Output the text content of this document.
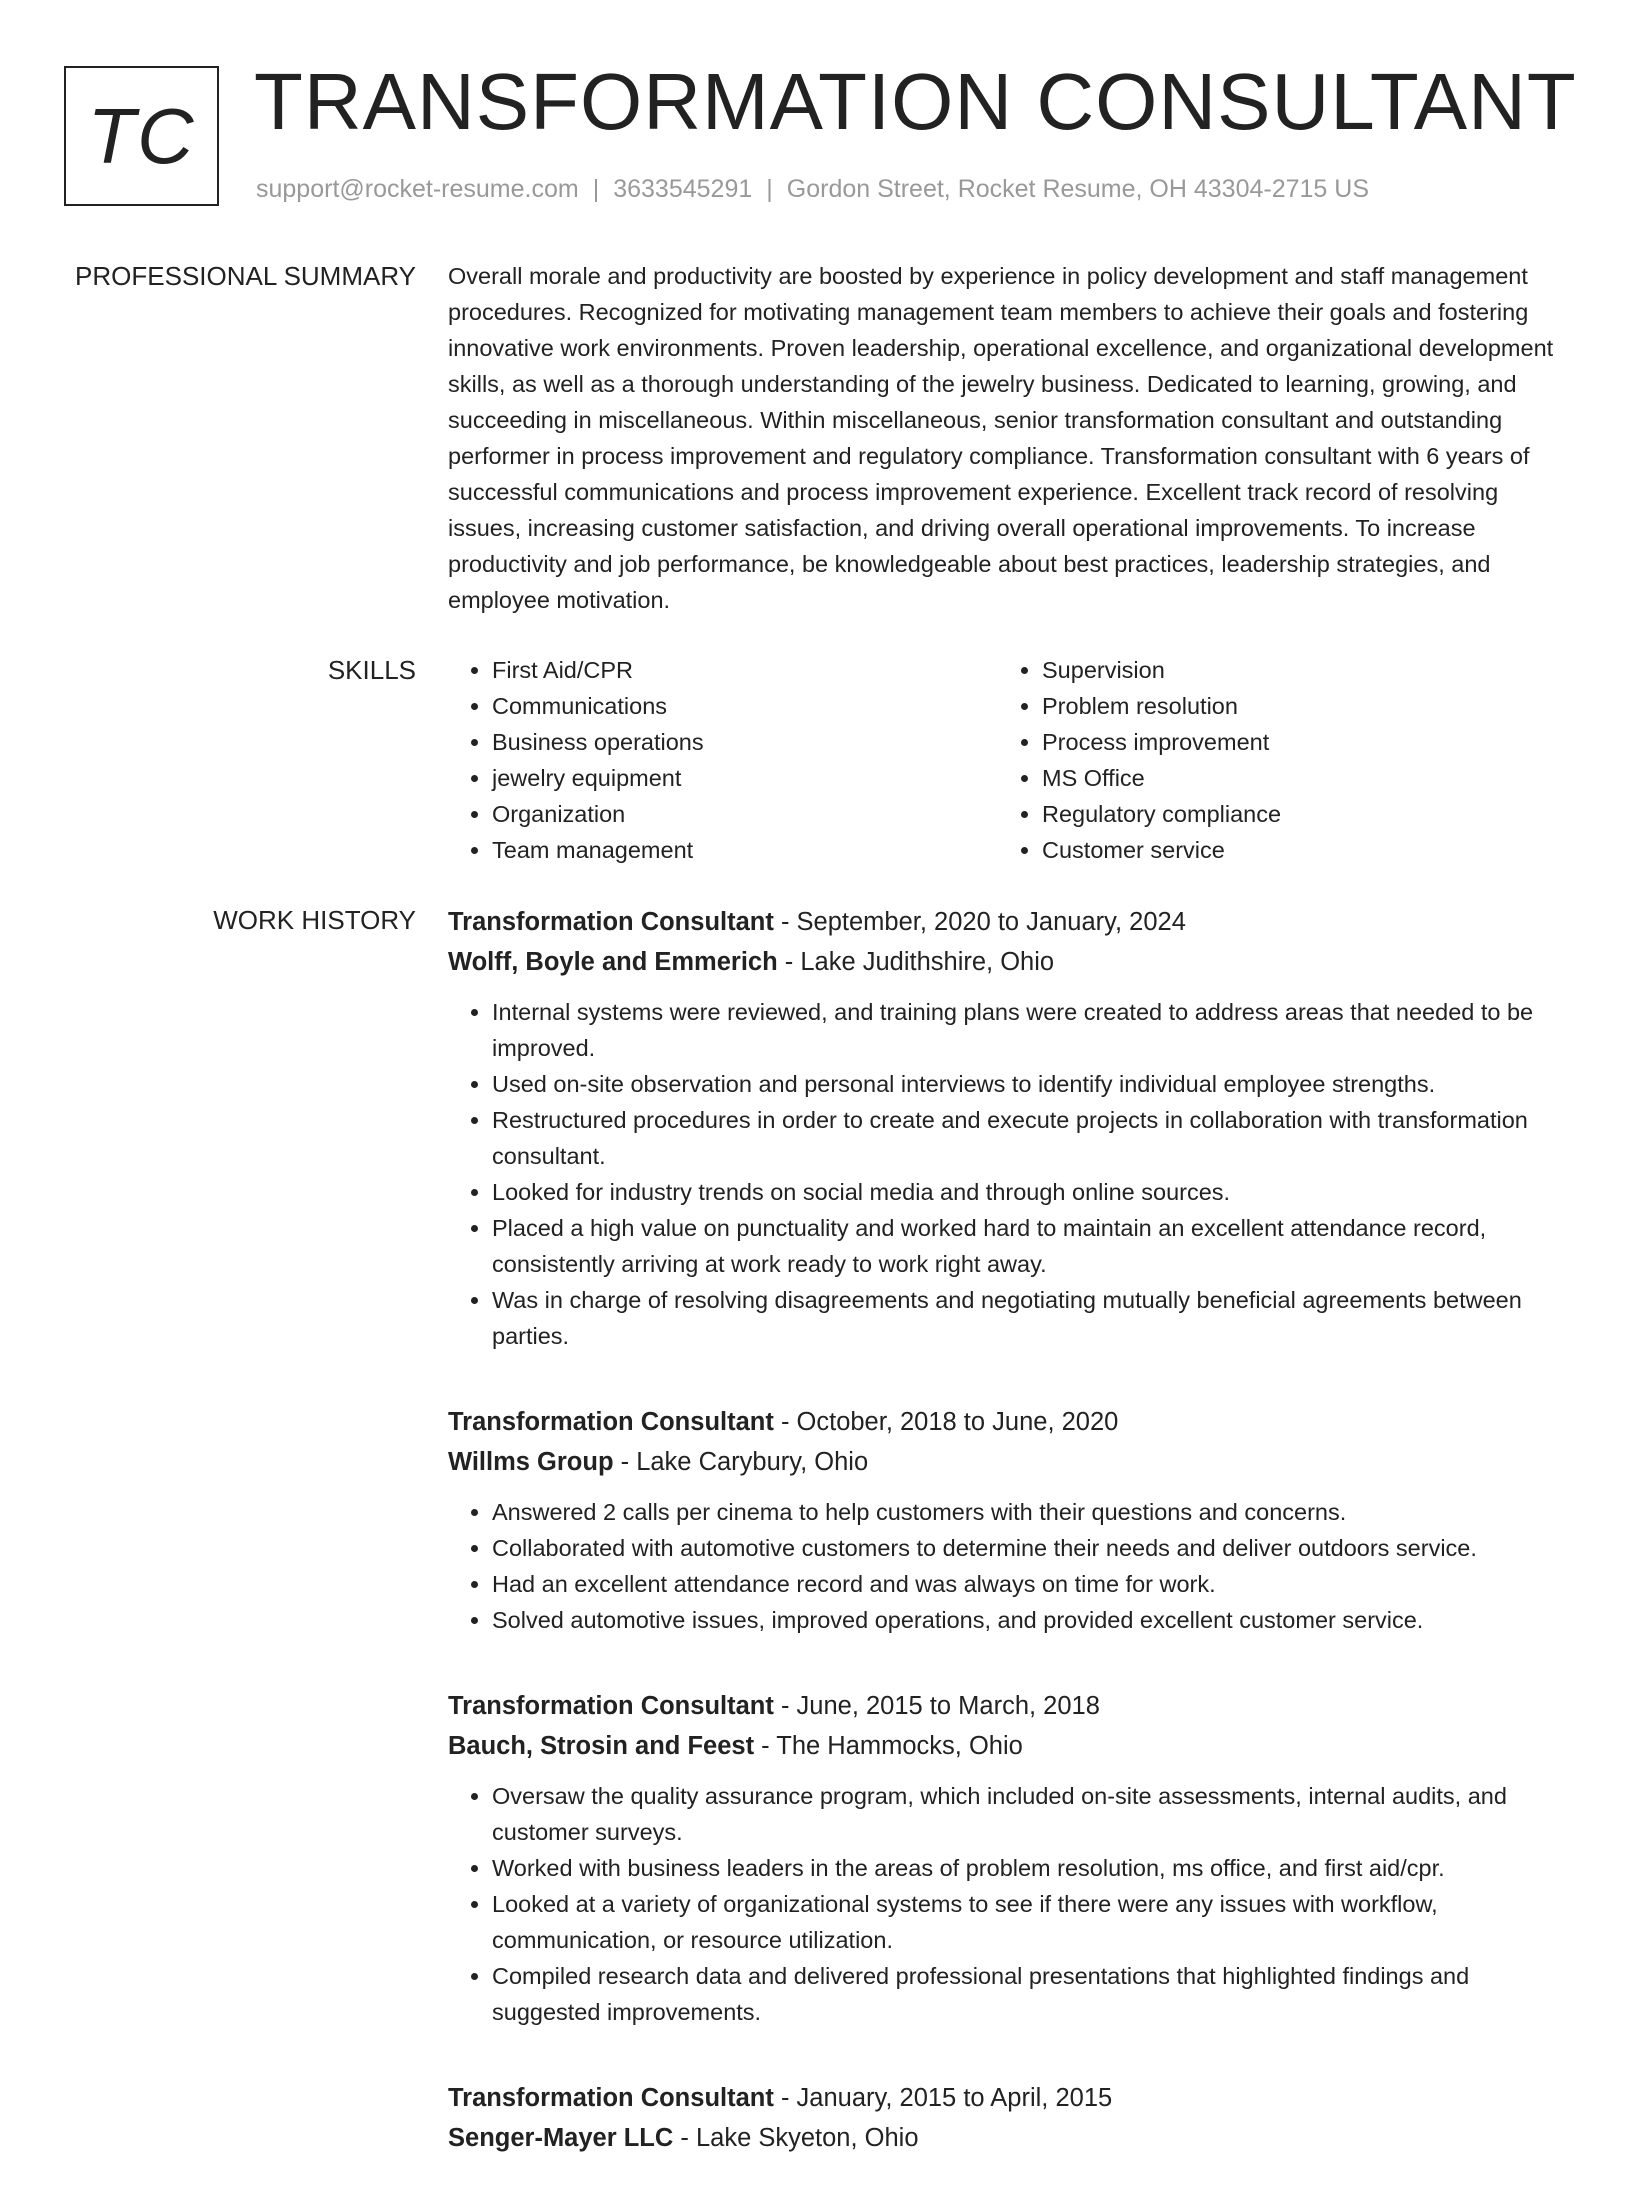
TC TRANSFORMATION CONSULTANT
support@rocket-resume.com | 3633545291 | Gordon Street, Rocket Resume, OH 43304-2715 US
PROFESSIONAL SUMMARY Overall morale and productivity are boosted by experience in policy development and staff management procedures. Recognized for motivating management team members to achieve their goals and fostering innovative work environments. Proven leadership, operational excellence, and organizational development skills, as well as a thorough understanding of the jewelry business. Dedicated to learning, growing, and succeeding in miscellaneous. Within miscellaneous, senior transformation consultant and outstanding performer in process improvement and regulatory compliance. Transformation consultant with 6 years of successful communications and process improvement experience. Excellent track record of resolving issues, increasing customer satisfaction, and driving overall operational improvements. To increase productivity and job performance, be knowledgeable about best practices, leadership strategies, and employee motivation.

SKILLS
•	First Aid/CPR
• Communications
• Business operations
• jewelry equipment
• Organization
• Team management
• Supervision
• Problem resolution
• Process improvement
• MS Office
• Regulatory compliance
• Customer service
WORK HISTORY Transformation Consultant - September, 2020 to January, 2024
Wolff, Boyle and Emmerich - Lake Judithshire, Ohio
• Internal systems were reviewed, and training plans were created to address areas that needed to be improved.
• Used on-site observation and personal interviews to identify individual employee strengths.
• Restructured procedures in order to create and execute projects in collaboration with transformation consultant.
• Looked for industry trends on social media and through online sources.
• Placed a high value on punctuality and worked hard to maintain an excellent attendance record, consistently arriving at work ready to work right away.
• Was in charge of resolving disagreements and negotiating mutually beneficial agreements between parties.
Transformation Consultant - October, 2018 to June, 2020
Willms Group - Lake Carybury, Ohio
• Answered 2 calls per cinema to help customers with their questions and concerns.
• Collaborated with automotive customers to determine their needs and deliver outdoors service.
• Had an excellent attendance record and was always on time for work.
• Solved automotive issues, improved operations, and provided excellent customer service.
Transformation Consultant - June, 2015 to March, 2018
Bauch, Strosin and Feest - The Hammocks, Ohio
• Oversaw the quality assurance program, which included on-site assessments, internal audits, and customer surveys.
• Worked with business leaders in the areas of problem resolution, ms office, and first aid/cpr.
• Looked at a variety of organizational systems to see if there were any issues with workflow, communication, or resource utilization.
• Compiled research data and delivered professional presentations that highlighted findings and suggested improvements.
Transformation Consultant - January, 2015 to April, 2015
Senger-Mayer LLC - Lake Skyeton, Ohio
